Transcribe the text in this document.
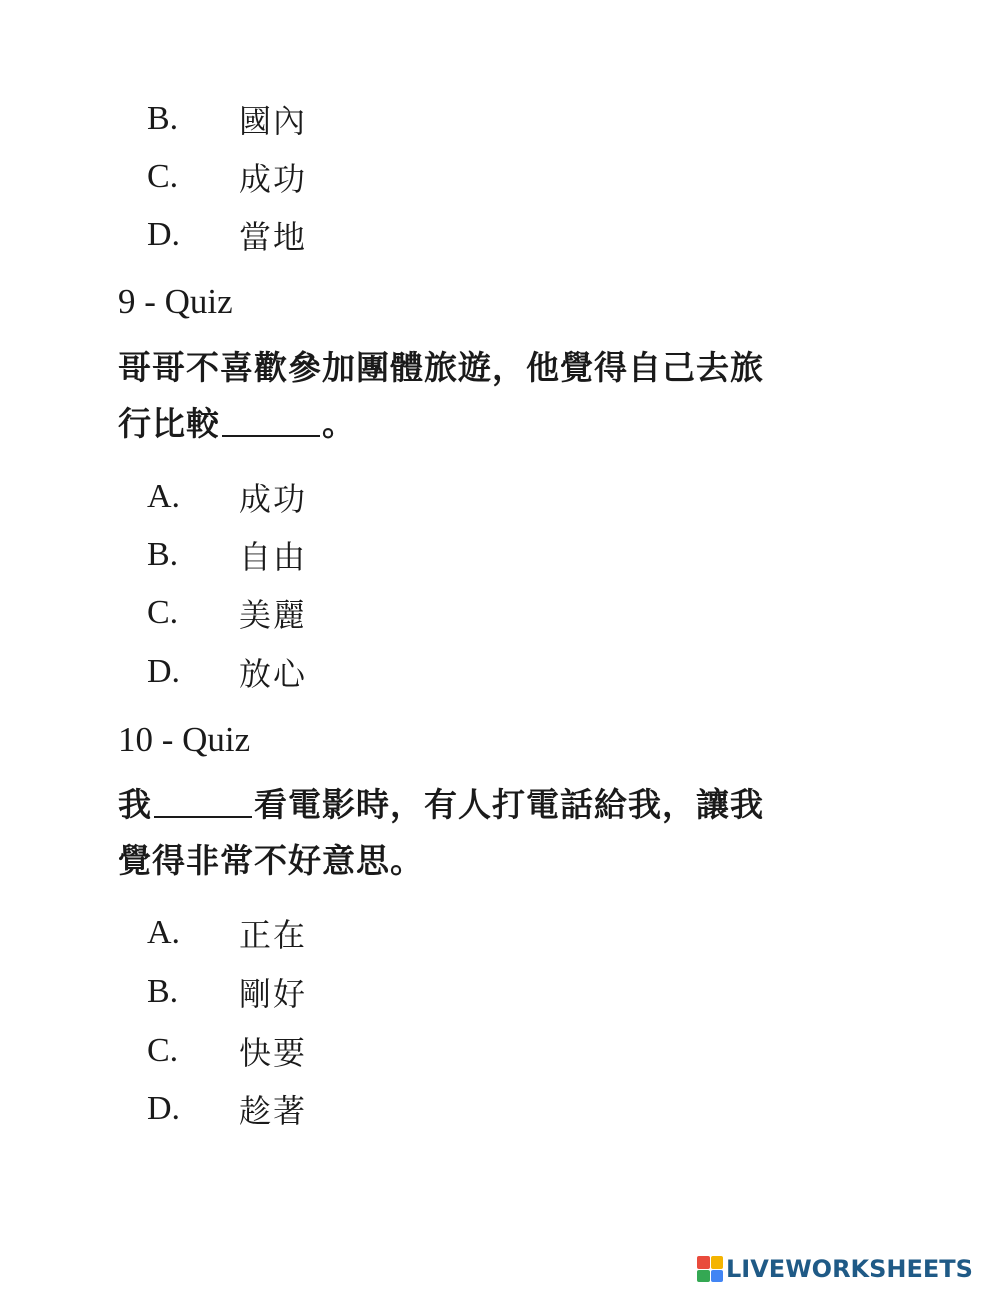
B.	國內
C.	成功
D.	當地
9 - Quiz
哥哥不喜歡參加團體旅遊，他覺得自己去旅
行比較	。
A.	成功
B.	自由
C.	美麗
D.	放心
10 - Quiz
我	看電影時，有人打電話給我，讓我
覺得非常不好意思。
A.	正在
B.	剛好
C.	快要
D.	趁著
LIVEWORKSHEETS
